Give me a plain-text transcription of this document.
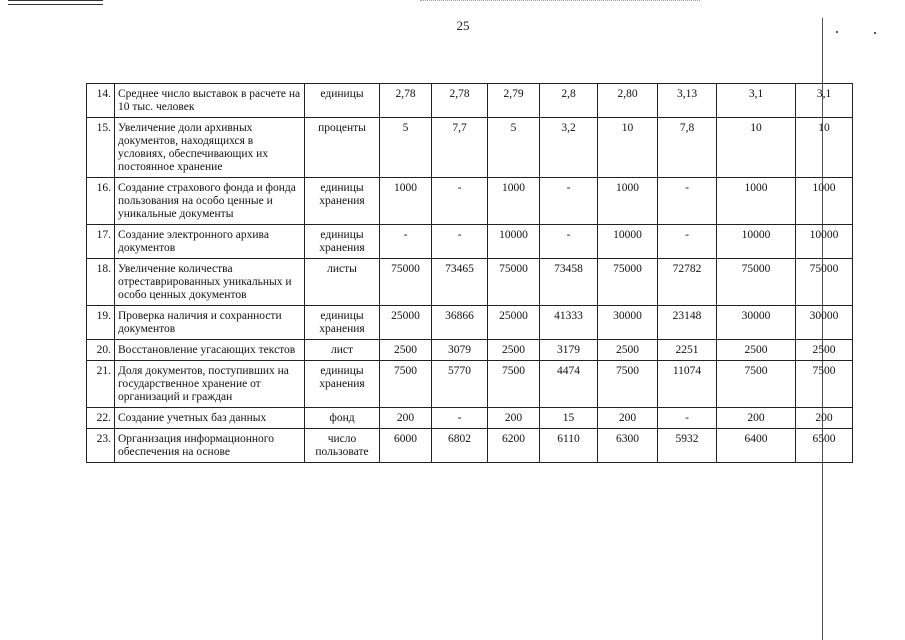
25
14.	Среднее число выставок в расчете на 10 тыс. человек	единицы	2,78	2,78	2,79	2,8	2,80	3,13	3,1	3,1
15.	Увеличение доли архивных документов, находящихся в условиях, обеспечивающих их постоянное хранение	проценты	5	7,7	5	3,2	10	7,8	10	10
16.	Создание страхового фонда и фонда пользования на особо ценные и уникальные документы	единицы хранения	1000	-	1000	-	1000	-	1000	1000
17.	Создание электронного архива документов	единицы хранения	-	-	10000	-	10000	-	10000	10000
18.	Увеличение количества отреставрированных уникальных и особо ценных документов	листы	75000	73465	75000	73458	75000	72782	75000	75000
19.	Проверка наличия и сохранности документов	единицы хранения	25000	36866	25000	41333	30000	23148	30000	30000
20.	Восстановление угасающих текстов	лист	2500	3079	2500	3179	2500	2251	2500	2500
21.	Доля документов, поступивших на государственное хранение от организаций и граждан	единицы хранения	7500	5770	7500	4474	7500	11074	7500	7500
22.	Создание учетных баз данных	фонд	200	-	200	15	200	-	200	200
23.	Организация информационного обеспечения на основе	число пользовате	6000	6802	6200	6110	6300	5932	6400	6500
